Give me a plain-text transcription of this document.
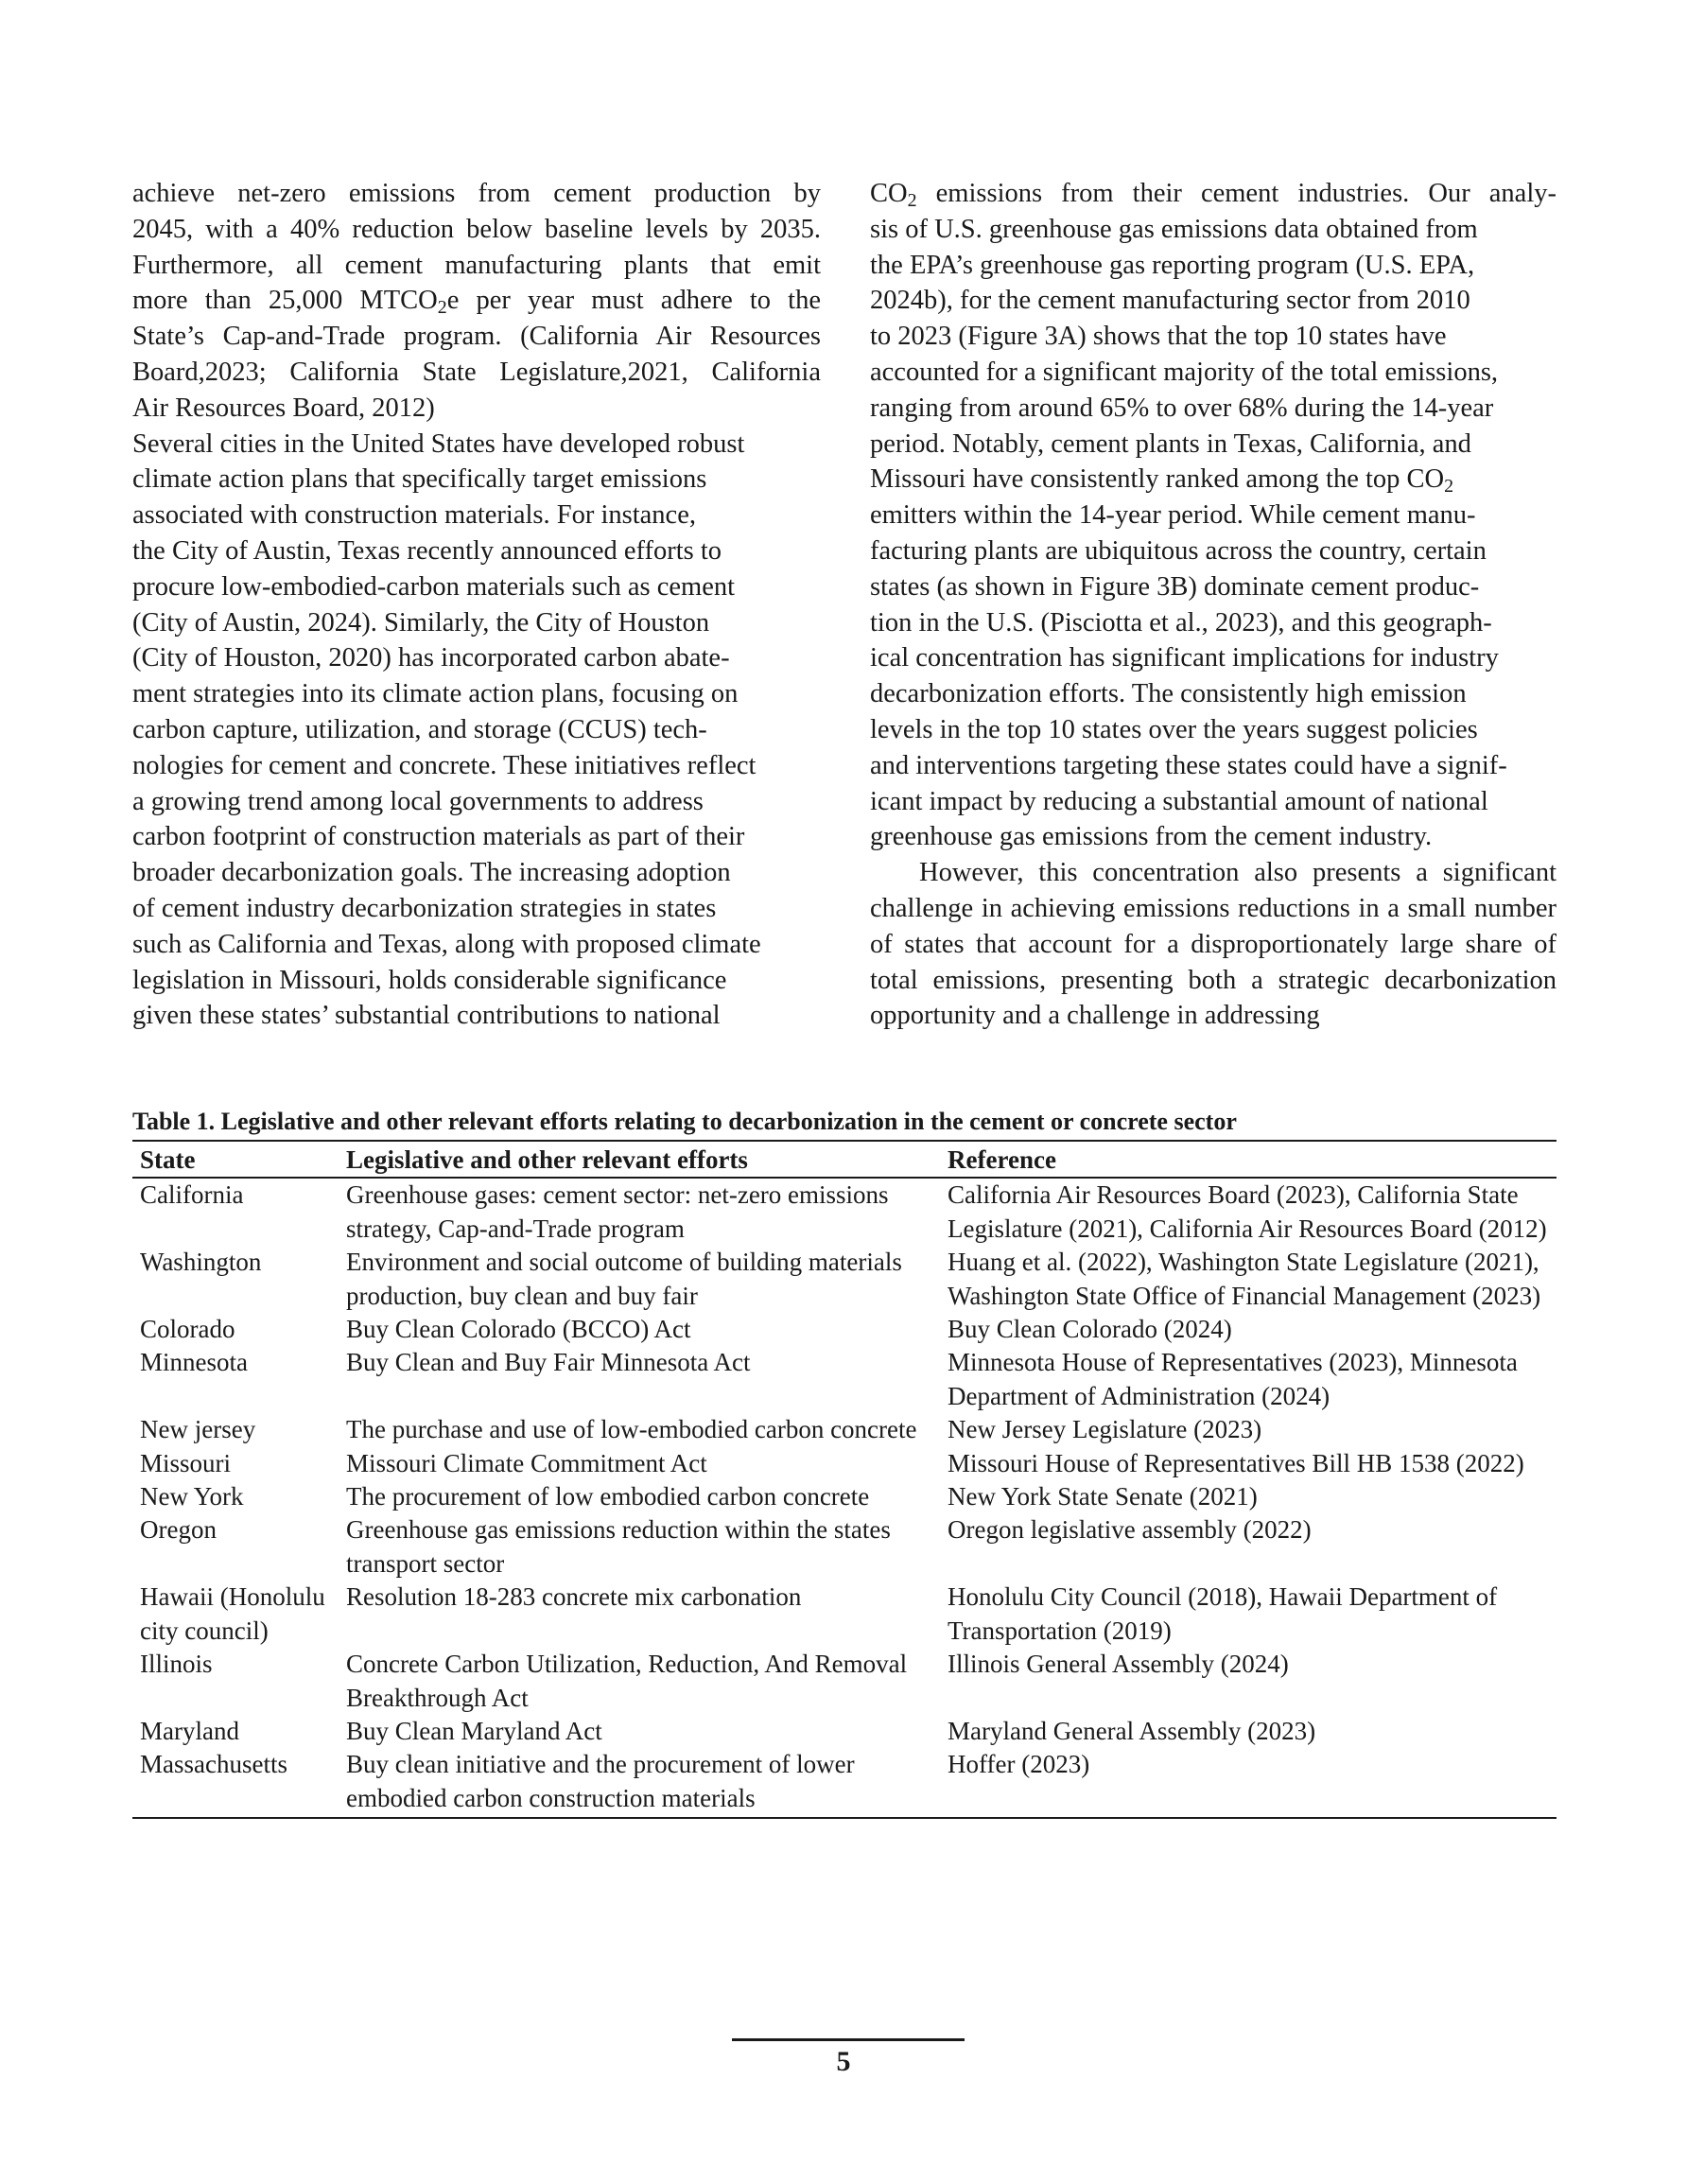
achieve net-zero emissions from cement production by
2045, with a 40% reduction below baseline levels by 2035.
Furthermore, all cement manufacturing plants that emit
more than 25,000 $MTCO_2e$ per year must adhere to the
State’s Cap-and-Trade program. (California Air Resources
Board,2023; California State Legislature,2021, California
Air Resources Board, 2012)

Several cities in the United States have developed robust
climate action plans that specifically target emissions
associated with construction materials. For instance,
the City of Austin, Texas recently announced efforts to
procure low-embodied-carbon materials such as cement
(City of Austin, 2024). Similarly, the City of Houston
(City of Houston, 2020) has incorporated carbon abate-
ment strategies into its climate action plans, focusing on
carbon capture, utilization, and storage (CCUS) tech-
nologies for cement and concrete. These initiatives reflect
a growing trend among local governments to address
carbon footprint of construction materials as part of their
broader decarbonization goals. The increasing adoption
of cement industry decarbonization strategies in states
such as California and Texas, along with proposed climate
legislation in Missouri, holds considerable significance
given these states’ substantial contributions to national

$CO_2$ emissions from their cement industries. Our analy-
sis of U.S. greenhouse gas emissions data obtained from
the EPA’s greenhouse gas reporting program (U.S. EPA,
2024b), for the cement manufacturing sector from 2010
to 2023 (Figure 3A) shows that the top 10 states have
accounted for a significant majority of the total emissions,
ranging from around 65% to over 68% during the 14-year
period. Notably, cement plants in Texas, California, and
Missouri have consistently ranked among the top $CO_2$
emitters within the 14-year period. While cement manu-
facturing plants are ubiquitous across the country, certain
states (as shown in Figure 3B) dominate cement produc-
tion in the U.S. (Pisciotta et al., 2023), and this geograph-
ical concentration has significant implications for industry
decarbonization efforts. The consistently high emission
levels in the top 10 states over the years suggest policies
and interventions targeting these states could have a signif-
icant impact by reducing a substantial amount of national
greenhouse gas emissions from the cement industry.

However, this concentration also presents a significant challenge in achieving emissions reductions in a small number of states that account for a disproportionately large share of total emissions, presenting both a strategic decarbonization opportunity and a challenge in addressing

Table 1. Legislative and other relevant efforts relating to decarbonization in the cement or concrete sector

State	Legislative and other relevant efforts	Reference
California	Greenhouse gases: cement sector: net-zero emissions strategy, Cap-and-Trade program	California Air Resources Board (2023), California State Legislature (2021), California Air Resources Board (2012)
Washington	Environment and social outcome of building materials production, buy clean and buy fair	Huang et al. (2022), Washington State Legislature (2021), Washington State Office of Financial Management (2023)
Colorado	Buy Clean Colorado (BCCO) Act	Buy Clean Colorado (2024)
Minnesota	Buy Clean and Buy Fair Minnesota Act	Minnesota House of Representatives (2023), Minnesota Department of Administration (2024)
New jersey	The purchase and use of low-embodied carbon concrete	New Jersey Legislature (2023)
Missouri	Missouri Climate Commitment Act	Missouri House of Representatives Bill HB 1538 (2022)
New York	The procurement of low embodied carbon concrete	New York State Senate (2021)
Oregon	Greenhouse gas emissions reduction within the states transport sector	Oregon legislative assembly (2022)
Hawaii (Honolulu city council)	Resolution 18-283 concrete mix carbonation	Honolulu City Council (2018), Hawaii Department of Transportation (2019)
Illinois	Concrete Carbon Utilization, Reduction, And Removal Breakthrough Act	Illinois General Assembly (2024)
Maryland	Buy Clean Maryland Act	Maryland General Assembly (2023)
Massachusetts	Buy clean initiative and the procurement of lower embodied carbon construction materials	Hoffer (2023)
5
